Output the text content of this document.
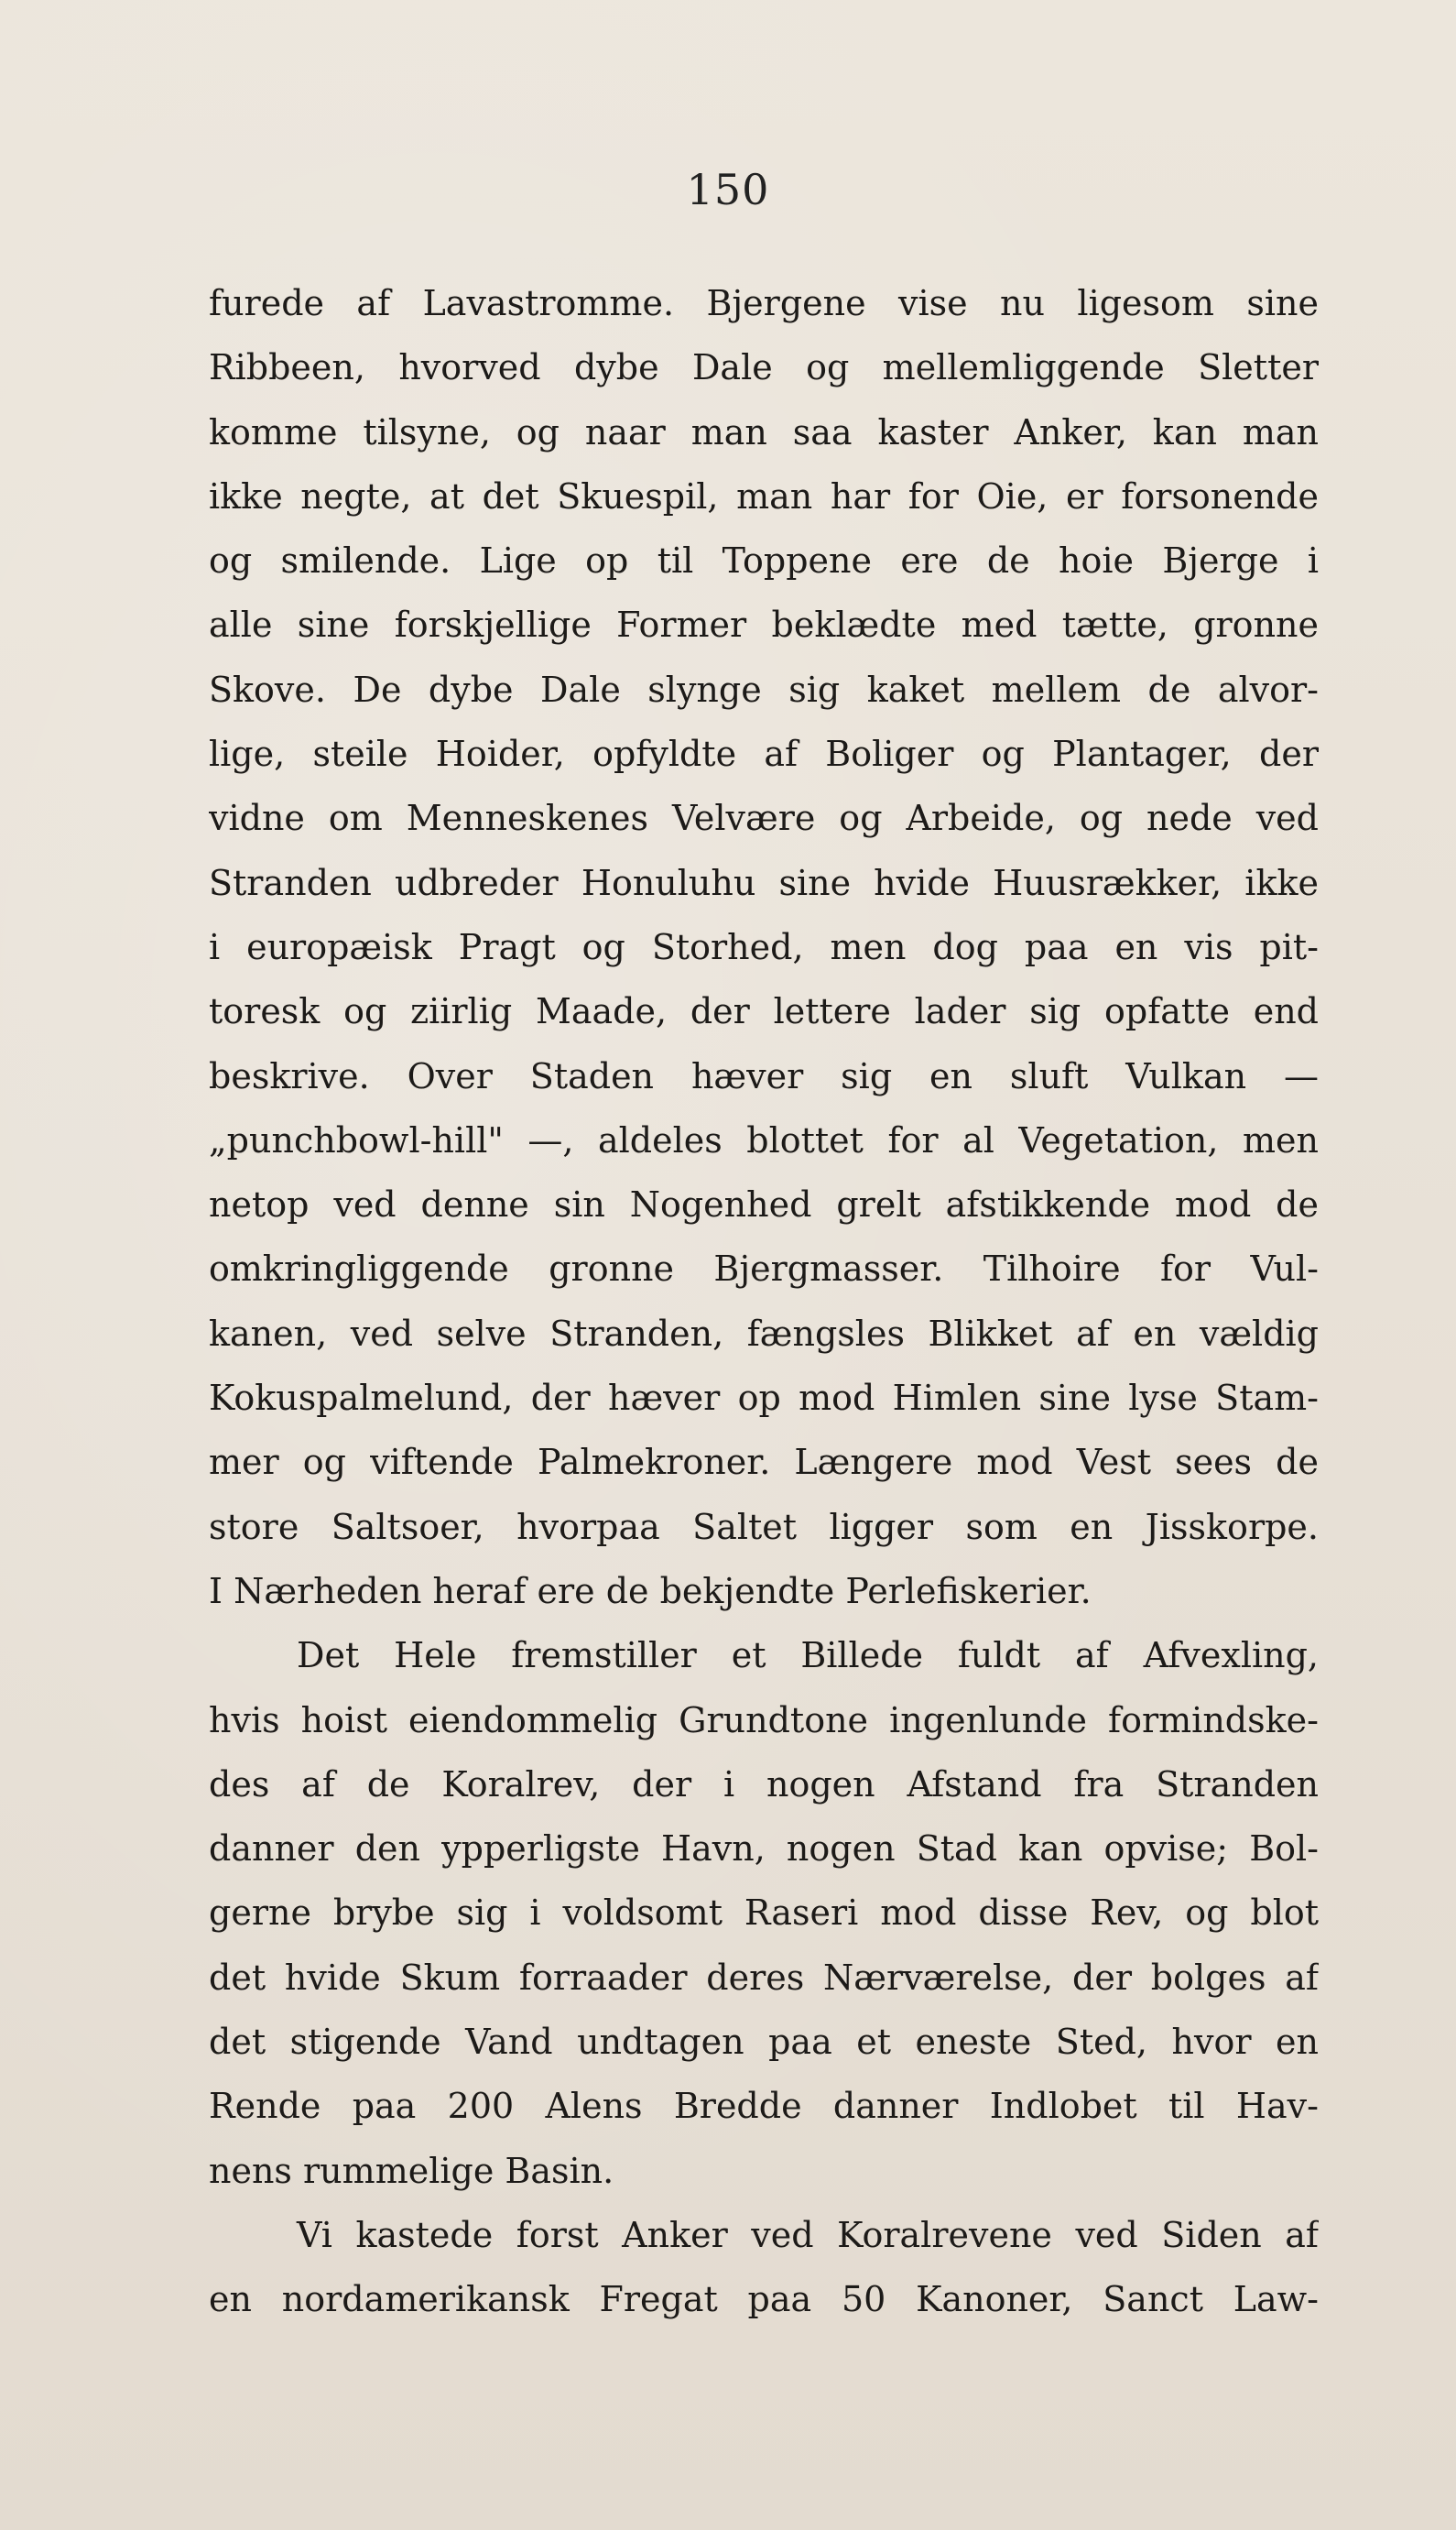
150
furede af Lavastromme. Bjergene vise nu ligesom sine
Ribbeen, hvorved dybe Dale og mellemliggende Sletter
komme tilsyne, og naar man saa kaster Anker, kan man
ikke negte, at det Skuespil, man har for Oie, er forsonende
og smilende. Lige op til Toppene ere de hoie Bjerge i
alle sine forskjellige Former beklædte med tætte, gronne
Skove. De dybe Dale slynge sig kaket mellem de alvor-
lige, steile Hoider, opfyldte af Boliger og Plantager, der
vidne om Menneskenes Velvære og Arbeide, og nede ved
Stranden udbreder Honuluhu sine hvide Huusrækker, ikke
i europæisk Pragt og Storhed, men dog paa en vis pit-
toresk og ziirlig Maade, der lettere lader sig opfatte end
beskrive. Over Staden hæver sig en sluft Vulkan —
„punchbowl-hill" —, aldeles blottet for al Vegetation, men
netop ved denne sin Nogenhed grelt afstikkende mod de
omkringliggende gronne Bjergmasser. Tilhoire for Vul-
kanen, ved selve Stranden, fængsles Blikket af en vældig
Kokuspalmelund, der hæver op mod Himlen sine lyse Stam-
mer og viftende Palmekroner. Længere mod Vest sees de
store Saltsoer, hvorpaa Saltet ligger som en Jisskorpe.
I Nærheden heraf ere de bekjendte Perlefiskerier.
Det Hele fremstiller et Billede fuldt af Afvexling,
hvis hoist eiendommelig Grundtone ingenlunde formindske-
des af de Koralrev, der i nogen Afstand fra Stranden
danner den ypperligste Havn, nogen Stad kan opvise; Bol-
gerne brybe sig i voldsomt Raseri mod disse Rev, og blot
det hvide Skum forraader deres Nærværelse, der bolges af
det stigende Vand undtagen paa et eneste Sted, hvor en
Rende paa 200 Alens Bredde danner Indlobet til Hav-
nens rummelige Basin.
Vi kastede forst Anker ved Koralrevene ved Siden af
en nordamerikansk Fregat paa 50 Kanoner, Sanct Law-
